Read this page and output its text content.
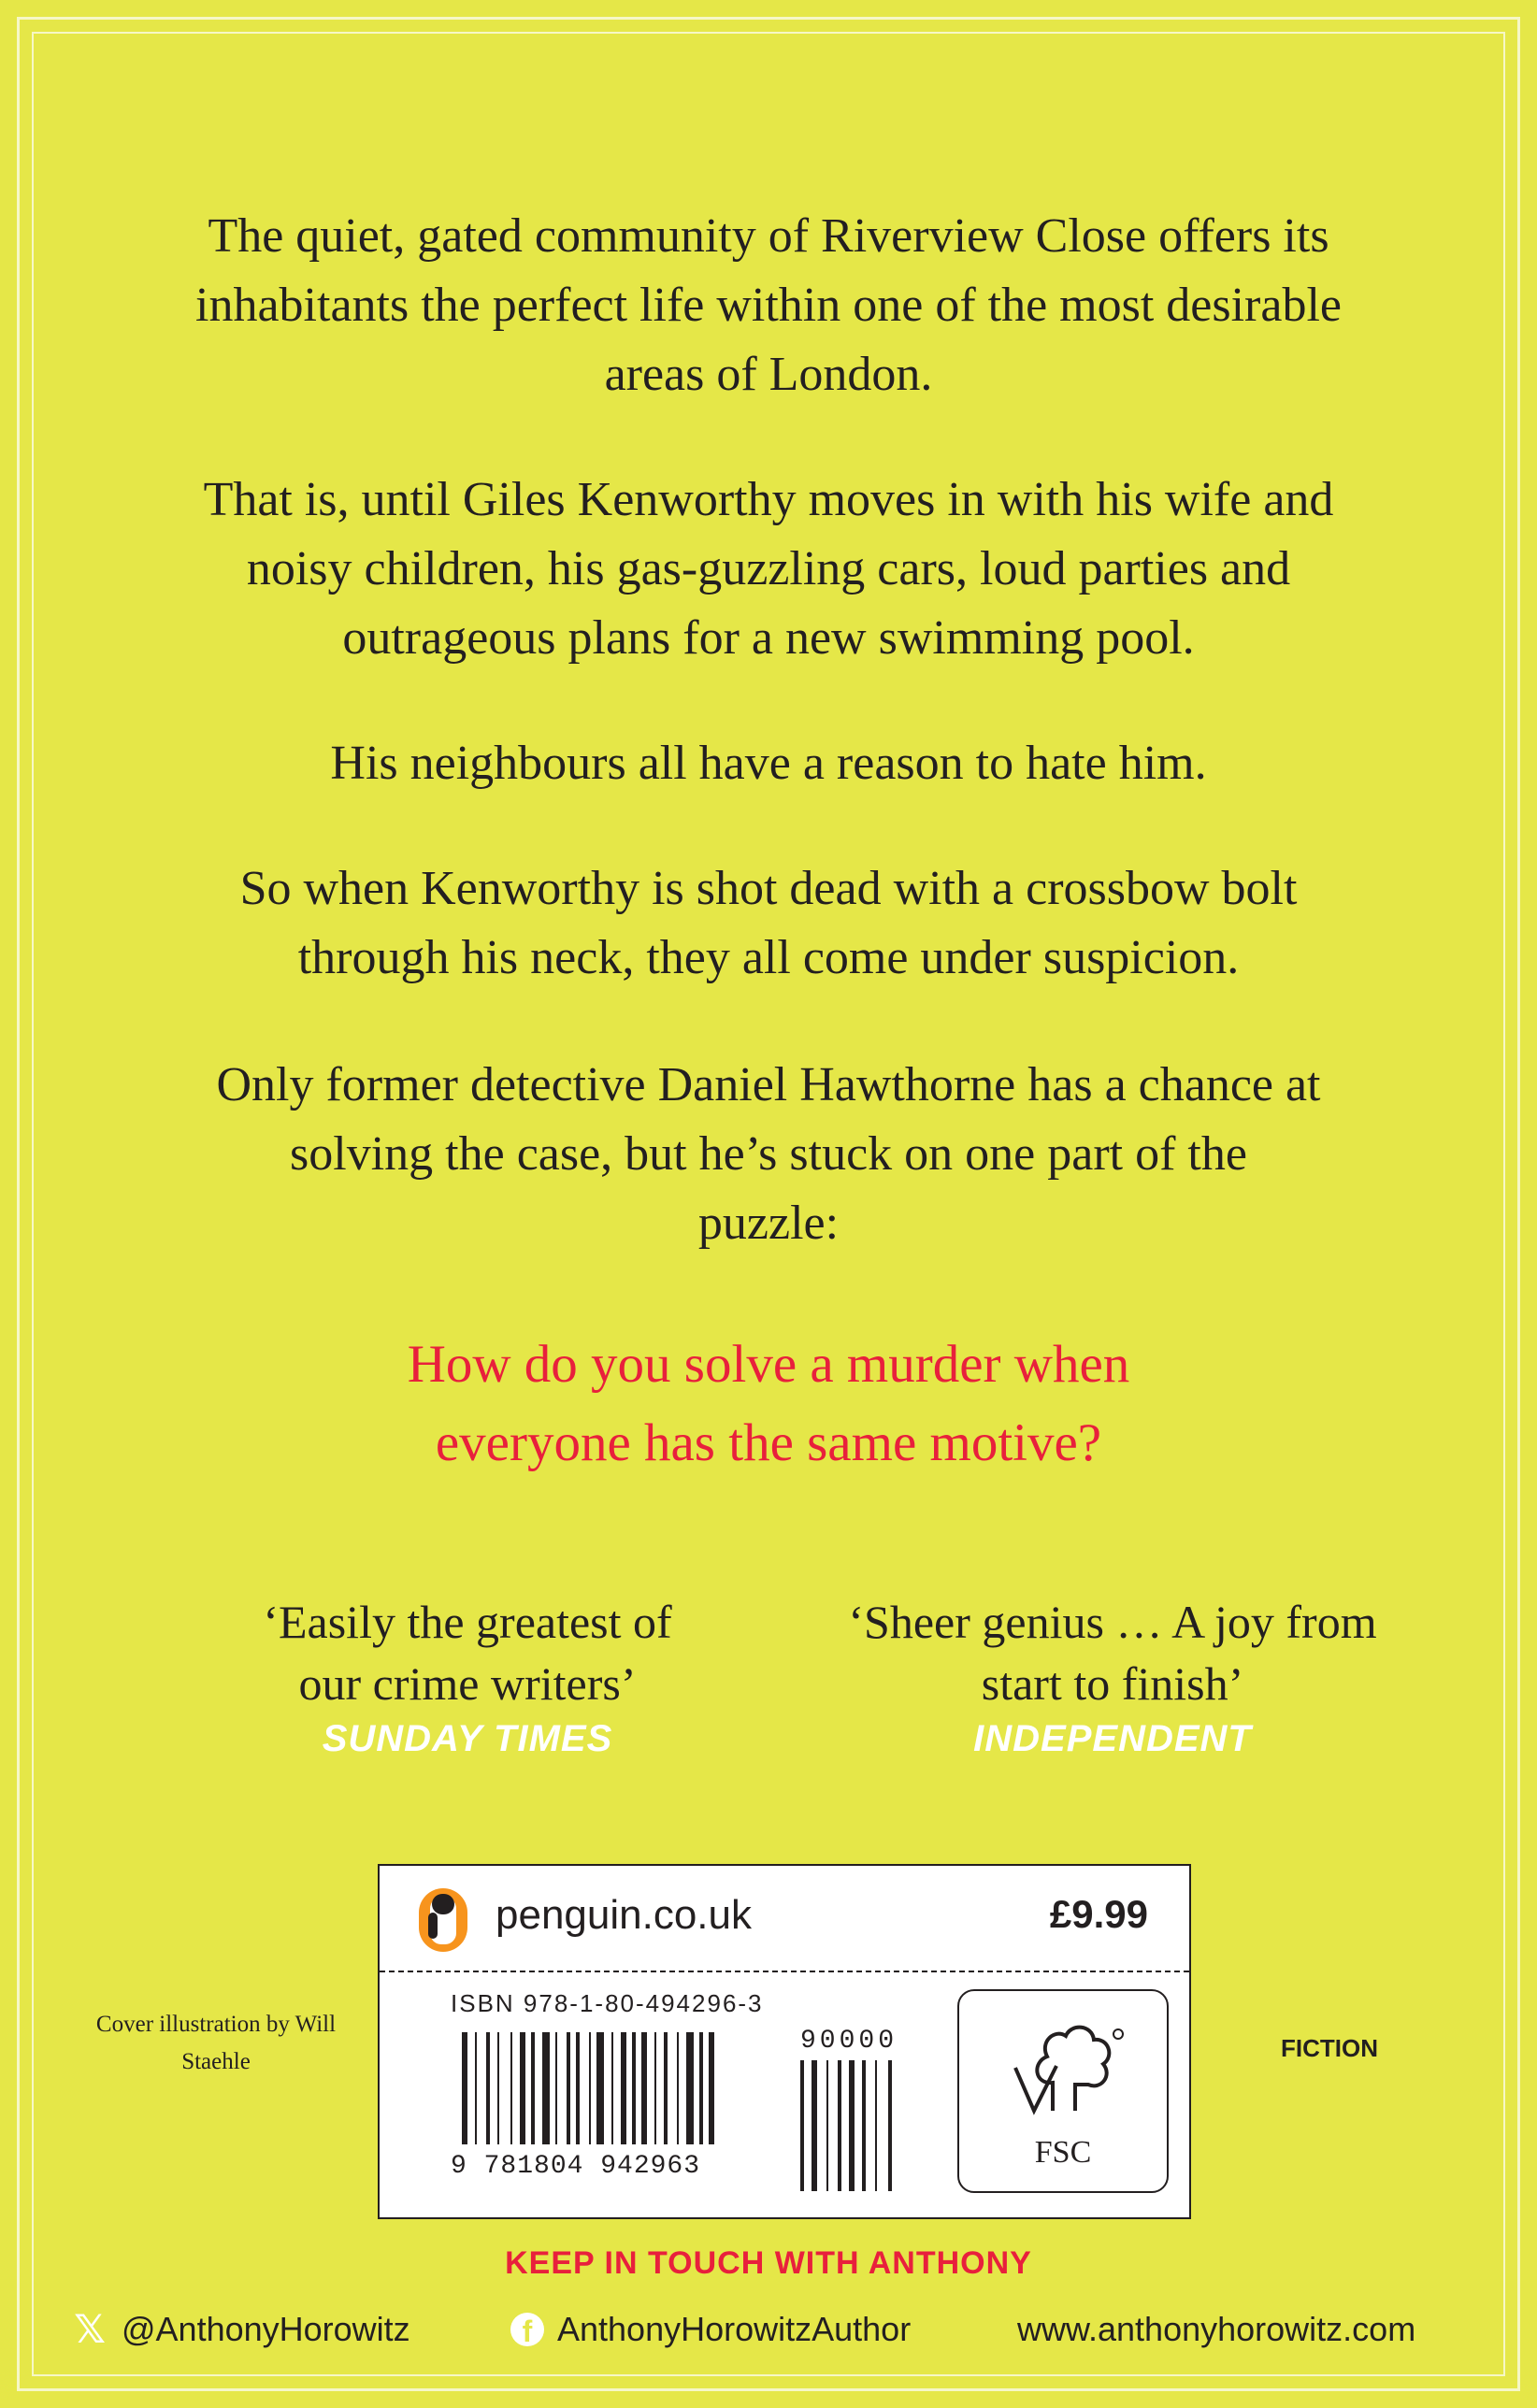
The quiet, gated community of Riverview Close offers its inhabitants the perfect life within one of the most desirable areas of London.

That is, until Giles Kenworthy moves in with his wife and noisy children, his gas-guzzling cars, loud parties and outrageous plans for a new swimming pool.

His neighbours all have a reason to hate him.

So when Kenworthy is shot dead with a crossbow bolt through his neck, they all come under suspicion.

Only former detective Daniel Hawthorne has a chance at solving the case, but he’s stuck on one part of the puzzle:

How do you solve a murder when everyone has the same motive?
‘Easily the greatest of our crime writers’
SUNDAY TIMES
‘Sheer genius … A joy from start to finish’
INDEPENDENT
penguin.co.uk	£9.99
ISBN 978-1-80-494296-3
90000
9 781804 942963	FSC
Cover illustration by Will Staehle	FICTION
KEEP IN TOUCH WITH ANTHONY
𝕏 @AnthonyHorowitz	f AnthonyHorowitzAuthor	www.anthonyhorowitz.com
